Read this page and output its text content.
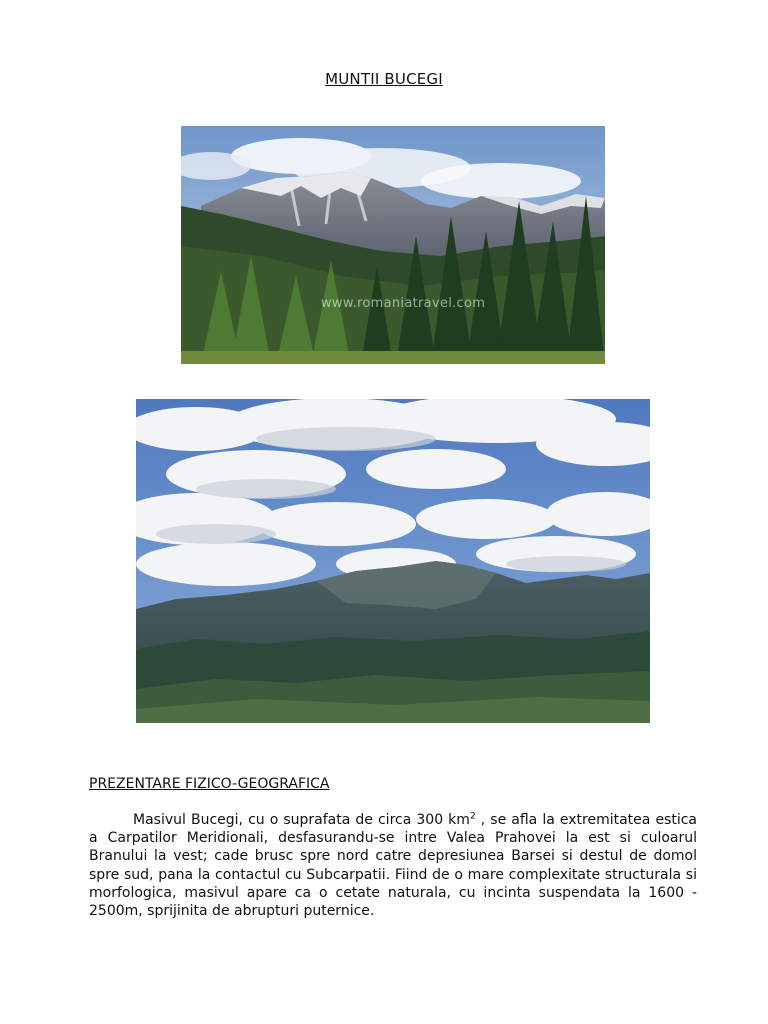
MUNTII BUCEGI
www.romaniatravel.com
PREZENTARE FIZICO-GEOGRAFICA

Masivul Bucegi, cu o suprafata de circa 300 $km^2$ , se afla la extremitatea estica a Carpatilor Meridionali, desfasurandu-se intre Valea Prahovei la est si culoarul Branului la vest; cade brusc spre nord catre depresiunea Barsei si destul de domol spre sud, pana la contactul cu Subcarpatii. Fiind de o mare complexitate structurala si morfologica, masivul apare ca o cetate naturala, cu incinta suspendata la 1600 - 2500m, sprijinita de abrupturi puternice.
